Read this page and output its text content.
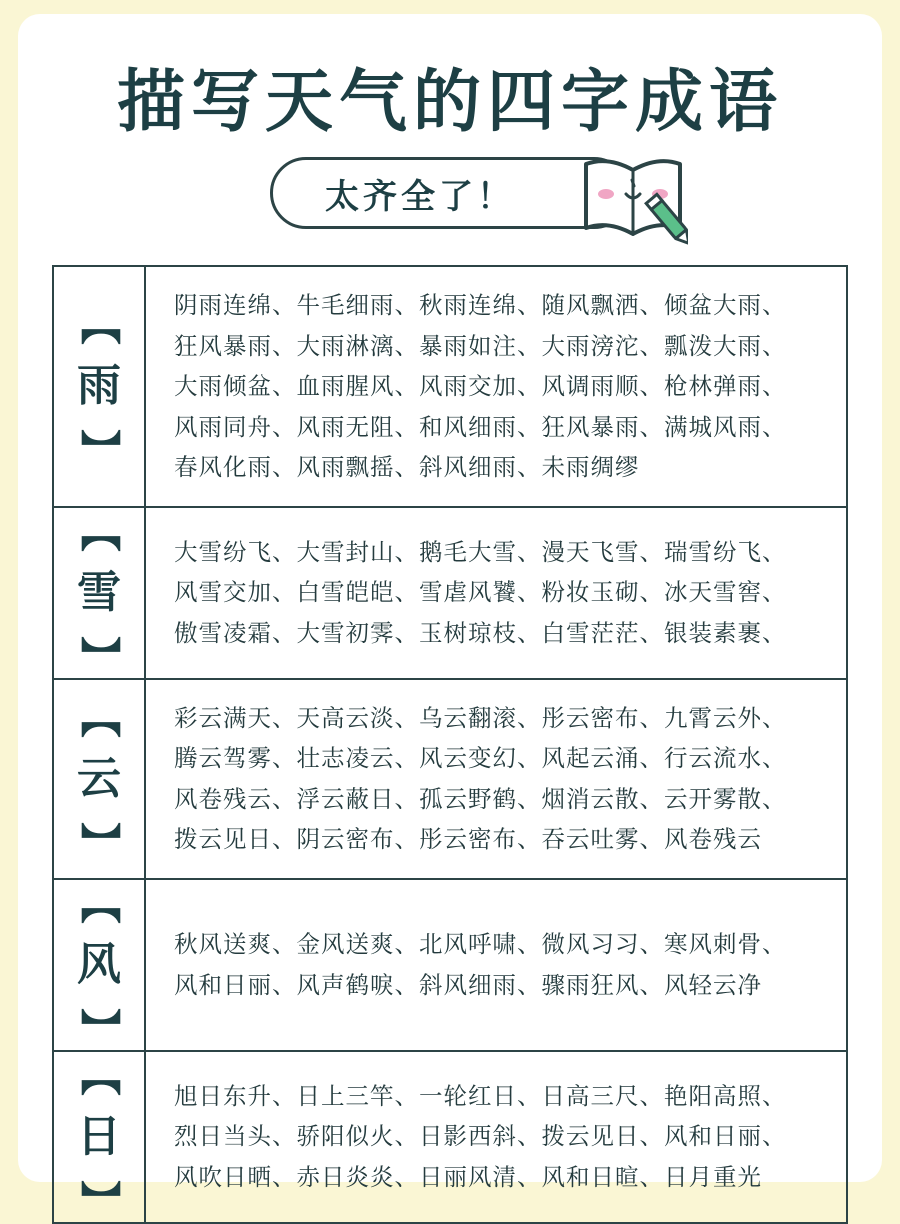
描写天气的四字成语
太齐全了！
【
雨
】	阴雨连绵、牛毛细雨、秋雨连绵、随风飘洒、倾盆大雨、
狂风暴雨、大雨淋漓、暴雨如注、大雨滂沱、瓢泼大雨、
大雨倾盆、血雨腥风、风雨交加、风调雨顺、枪林弹雨、
风雨同舟、风雨无阻、和风细雨、狂风暴雨、满城风雨、
春风化雨、风雨飘摇、斜风细雨、未雨绸缪

【
雪
】	大雪纷飞、大雪封山、鹅毛大雪、漫天飞雪、瑞雪纷飞、
风雪交加、白雪皑皑、雪虐风饕、粉妆玉砌、冰天雪窖、
傲雪凌霜、大雪初霁、玉树琼枝、白雪茫茫、银装素裹、

【
云
】	彩云满天、天高云淡、乌云翻滚、彤云密布、九霄云外、
腾云驾雾、壮志凌云、风云变幻、风起云涌、行云流水、
风卷残云、浮云蔽日、孤云野鹤、烟消云散、云开雾散、
拨云见日、阴云密布、彤云密布、吞云吐雾、风卷残云

【
风
】	秋风送爽、金风送爽、北风呼啸、微风习习、寒风刺骨、
风和日丽、风声鹤唳、斜风细雨、骤雨狂风、风轻云净

【
日
】	旭日东升、日上三竿、一轮红日、日高三尺、艳阳高照、
烈日当头、骄阳似火、日影西斜、拨云见日、风和日丽、
风吹日晒、赤日炎炎、日丽风清、风和日暄、日月重光
